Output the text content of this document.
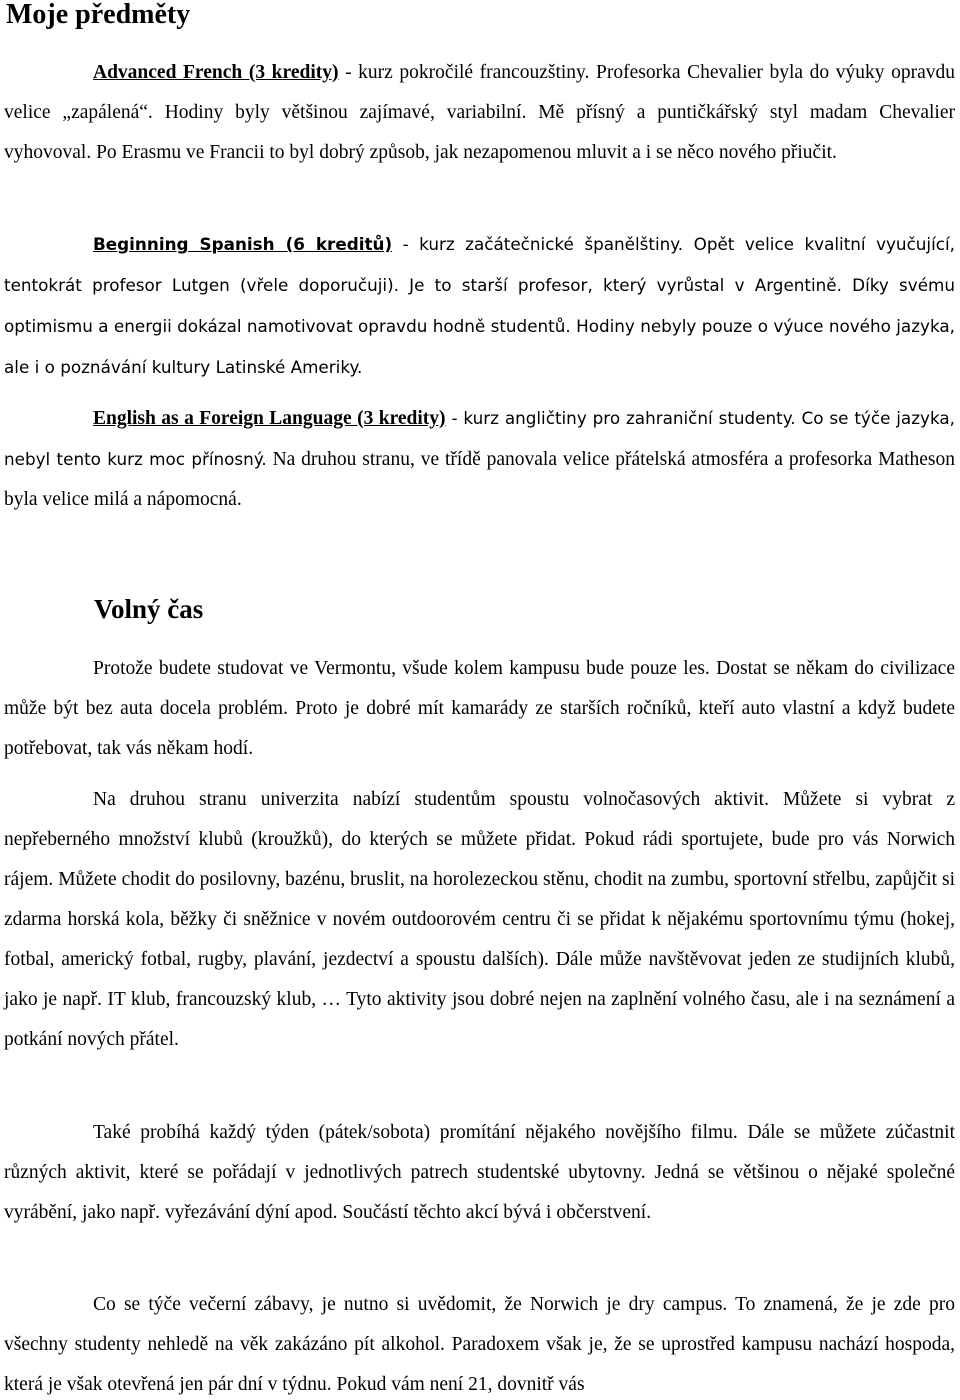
Moje předměty

Advanced French (3 kredity) - kurz pokročilé francouzštiny. Profesorka Chevalier byla do výuky opravdu velice „zapálená“. Hodiny byly většinou zajímavé, variabilní. Mě přísný a puntičkářský styl madam Chevalier vyhovoval. Po Erasmu ve Francii to byl dobrý způsob, jak nezapomenou mluvit a i se něco nového přiučit.

Beginning Spanish (6 kreditů) - kurz začátečnické španělštiny. Opět velice kvalitní vyučující, tentokrát profesor Lutgen (vřele doporučuji). Je to starší profesor, který vyrůstal v Argentině. Díky svému optimismu a energii dokázal namotivovat opravdu hodně studentů. Hodiny nebyly pouze o výuce nového jazyka, ale i o poznávání kultury Latinské Ameriky.

English as a Foreign Language (3 kredity) - kurz angličtiny pro zahraniční studenty. Co se týče jazyka, nebyl tento kurz moc přínosný. Na druhou stranu, ve třídě panovala velice přátelská atmosféra a profesorka Matheson byla velice milá a nápomocná.

Volný čas

Protože budete studovat ve Vermontu, všude kolem kampusu bude pouze les. Dostat se někam do civilizace může být bez auta docela problém. Proto je dobré mít kamarády ze starších ročníků, kteří auto vlastní a když budete potřebovat, tak vás někam hodí.

Na druhou stranu univerzita nabízí studentům spoustu volnočasových aktivit. Můžete si vybrat z nepřeberného množství klubů (kroužků), do kterých se můžete přidat. Pokud rádi sportujete, bude pro vás Norwich rájem. Můžete chodit do posilovny, bazénu, bruslit, na horolezeckou stěnu, chodit na zumbu, sportovní střelbu, zapůjčit si zdarma horská kola, běžky či sněžnice v novém outdoorovém centru či se přidat k nějakému sportovnímu týmu (hokej, fotbal, americký fotbal, rugby, plavání, jezdectví a spoustu dalších). Dále může navštěvovat jeden ze studijních klubů, jako je např. IT klub, francouzský klub, … Tyto aktivity jsou dobré nejen na zaplnění volného času, ale i na seznámení a potkání nových přátel.

Také probíhá každý týden (pátek/sobota) promítání nějakého novějšího filmu. Dále se můžete zúčastnit různých aktivit, které se pořádají v jednotlivých patrech studentské ubytovny. Jedná se většinou o nějaké společné vyrábění, jako např. vyřezávání dýní apod. Součástí těchto akcí bývá i občerstvení.

Co se týče večerní zábavy, je nutno si uvědomit, že Norwich je dry campus. To znamená, že je zde pro všechny studenty nehledě na věk zakázáno pít alkohol. Paradoxem však je, že se uprostřed kampusu nachází hospoda, která je však otevřená jen pár dní v týdnu. Pokud vám není 21, dovnitř vás
